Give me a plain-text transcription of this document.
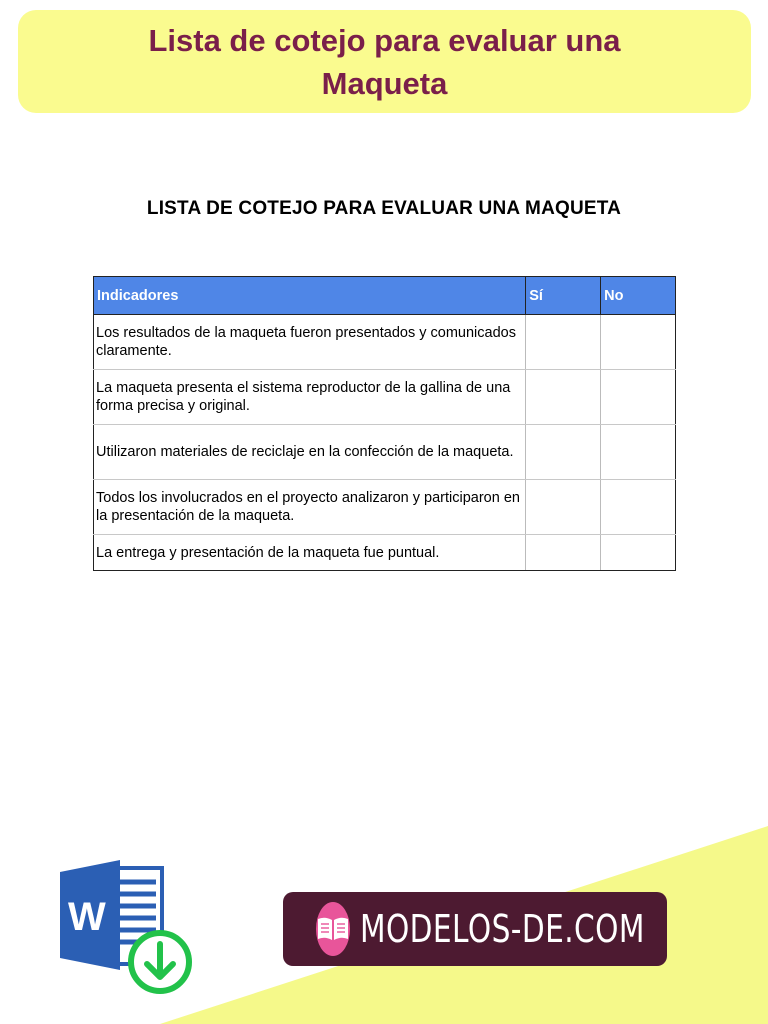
Lista de cotejo para evaluar una Maqueta
LISTA DE COTEJO PARA EVALUAR UNA MAQUETA
Indicadores	Sí	No
Los resultados de la maqueta fueron presentados y comunicados claramente.		
La maqueta presenta el sistema reproductor de la gallina de una forma precisa y original.		
Utilizaron materiales de reciclaje en la confección de la maqueta.		
Todos los involucrados en el proyecto analizaron y participaron en la presentación de la maqueta.		
La entrega y presentación de la maqueta fue puntual.		
W	MODELOS-DE.COM
